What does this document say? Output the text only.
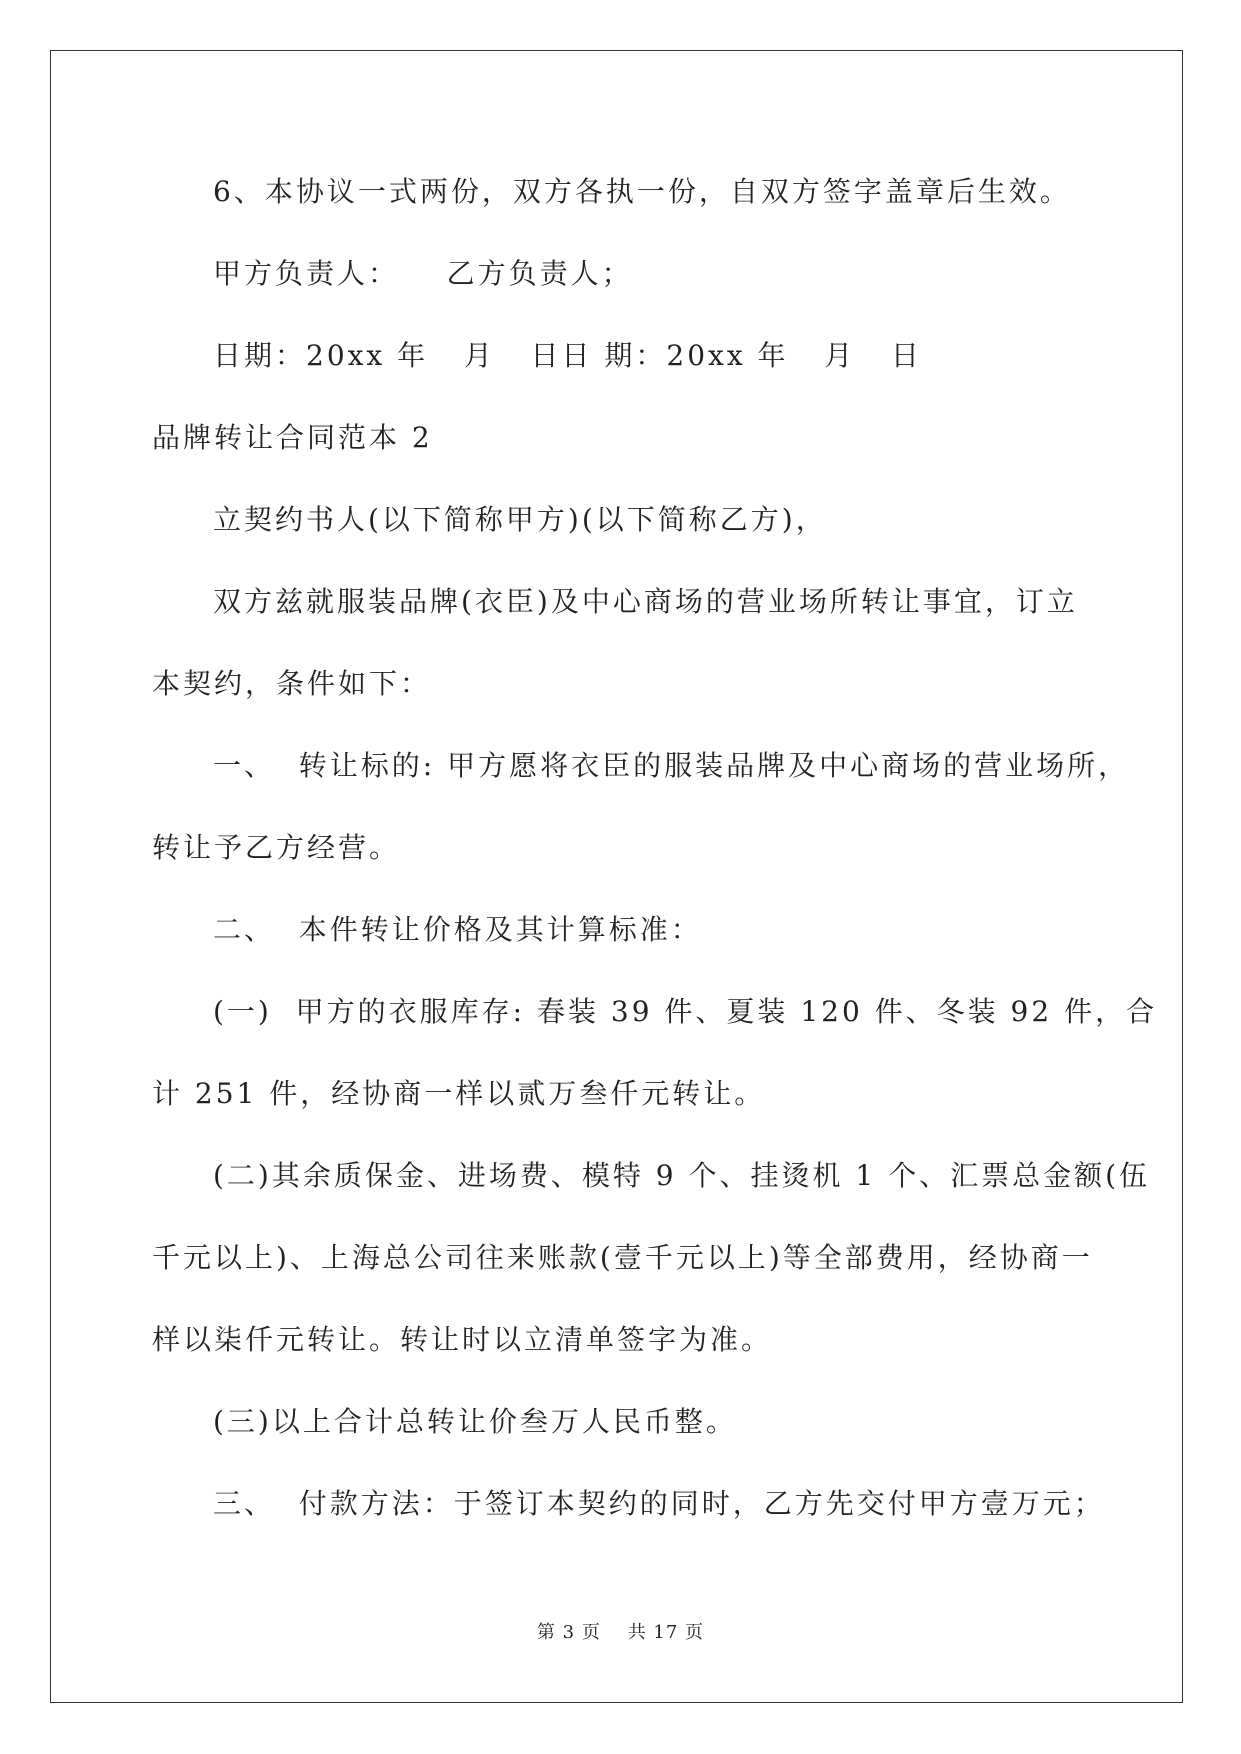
6、本协议一式两份，双方各执一份，自双方签字盖章后生效。
甲方负责人：    乙方负责人；
日期：20xx 年   月   日日 期：20xx 年   月   日
品牌转让合同范本 2
立契约书人(以下简称甲方)(以下简称乙方)，
双方兹就服装品牌(衣臣)及中心商场的营业场所转让事宜，订立
本契约，条件如下：
一、  转让标的: 甲方愿将衣臣的服装品牌及中心商场的营业场所，
转让予乙方经营。
二、  本件转让价格及其计算标准：
(一)  甲方的衣服库存: 春装 39 件、夏装 120 件、冬装 92 件，合
计 251 件，经协商一样以贰万叁仟元转让。
(二)其余质保金、进场费、模特 9 个、挂烫机 1 个、汇票总金额(伍
千元以上)、上海总公司往来账款(壹千元以上)等全部费用，经协商一
样以柒仟元转让。转让时以立清单签字为准。
(三)以上合计总转让价叁万人民币整。
三、  付款方法：于签订本契约的同时，乙方先交付甲方壹万元；
第 3 页    共 17 页
